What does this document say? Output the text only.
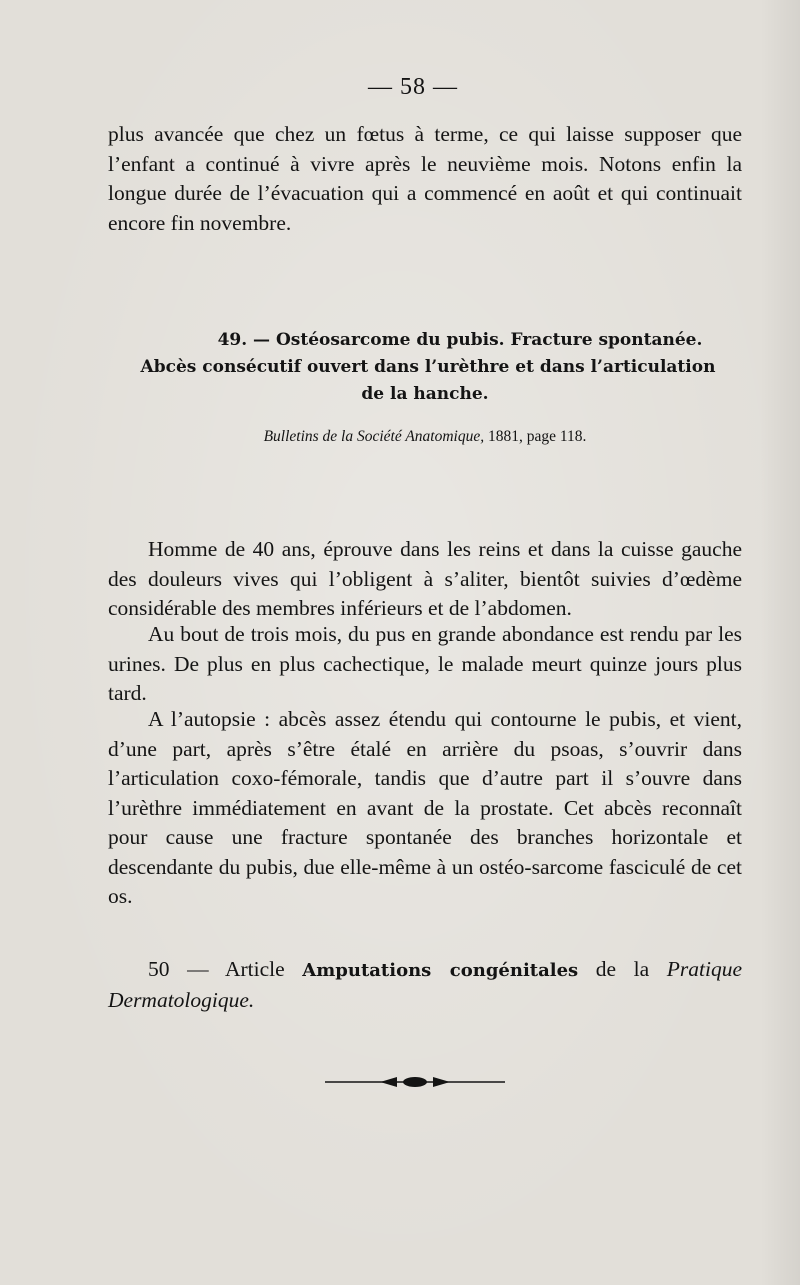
— 58 —

plus avancée que chez un fœtus à terme, ce qui laisse supposer que l’enfant a continué à vivre après le neuvième mois. Notons enfin la longue durée de l’évacuation qui a commencé en août et qui continuait encore fin novembre.

49. — Ostéosarcome du pubis. Fracture spontanée.
Abcès consécutif ouvert dans l’urèthre et dans l’articulation
de la hanche.
Bulletins de la Société Anatomique, 1881, page 118.

Homme de 40 ans, éprouve dans les reins et dans la cuisse gauche des douleurs vives qui l’obligent à s’aliter, bientôt suivies d’œdème considérable des membres inférieurs et de l’abdomen.

Au bout de trois mois, du pus en grande abondance est rendu par les urines. De plus en plus cachectique, le malade meurt quinze jours plus tard.

A l’autopsie : abcès assez étendu qui contourne le pubis, et vient, d’une part, après s’être étalé en arrière du psoas, s’ouvrir dans l’articulation coxo-fémorale, tandis que d’autre part il s’ouvre dans l’urèthre immédiatement en avant de la prostate. Cet abcès reconnaît pour cause une fracture spontanée des branches horizontale et descendante du pubis, due elle-même à un ostéo-sarcome fasciculé de cet os.

50 — Article Amputations congénitales de la Pratique Dermatologique.
